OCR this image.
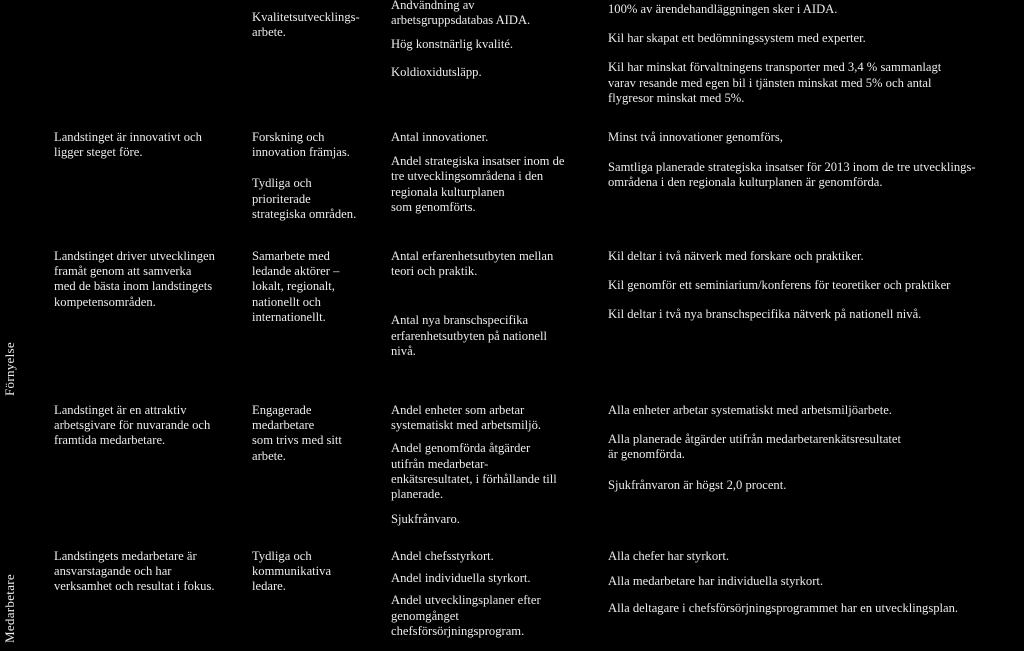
Kvalitetsutvecklings-
arbete.

Andvändning av
arbetsgruppsdatabas AIDA.

Hög konstnärlig kvalité.

Koldioxidutsläpp.

100% av ärendehandläggningen sker i AIDA.

Kil har skapat ett bedömningssystem med experter.

Kil har minskat förvaltningens transporter med 3,4 % sammanlagt
varav resande med egen bil i tjänsten minskat med 5% och antal
flygresor minskat med 5%.

Landstinget är innovativt och
ligger steget före.

Forskning och
innovation främjas.

Tydliga och
prioriterade
strategiska områden.

Antal innovationer.

Andel strategiska insatser inom de
tre utvecklingsområdena i den
regionala kulturplanen
som genomförts.

Minst två innovationer genomförs,

Samtliga planerade strategiska insatser för 2013 inom de tre utvecklings-
områdena i den regionala kulturplanen är genomförda.

Landstinget driver utvecklingen
framåt genom att samverka
med de bästa inom landstingets
kompetensområden.

Samarbete med
ledande aktörer –
lokalt, regionalt,
nationellt och
internationellt.

Antal erfarenhetsutbyten mellan
teori och praktik.

Antal nya branschspecifika
erfarenhetsutbyten på nationell
nivå.

Kil deltar i två nätverk med forskare och praktiker.

Kil genomför ett seminiarium/konferens för teoretiker och praktiker

Kil deltar i två nya branschspecifika nätverk på nationell nivå.

Förnyelse

Landstinget är en attraktiv
arbetsgivare för nuvarande och
framtida medarbetare.

Engagerade
medarbetare
som trivs med sitt
arbete.

Andel enheter som arbetar
systematiskt med arbetsmiljö.

Andel genomförda åtgärder
utifrån medarbetar-
enkätsresultatet, i förhållande till
planerade.

Sjukfrånvaro.

Alla enheter arbetar systematiskt med arbetsmiljöarbete.

Alla planerade åtgärder utifrån medarbetarenkätsresultatet
är genomförda.

Sjukfrånvaron är högst 2,0 procent.

Landstingets medarbetare är
ansvarstagande och har
verksamhet och resultat i fokus.

Tydliga och
kommunikativa
ledare.

Andel chefsstyrkort.

Andel individuella styrkort.

Andel utvecklingsplaner efter
genomgånget
chefsförsörjningsprogram.

Alla chefer har styrkort.

Alla medarbetare har individuella styrkort.

Alla deltagare i chefsförsörjningsprogrammet har en utvecklingsplan.

Medarbetare
